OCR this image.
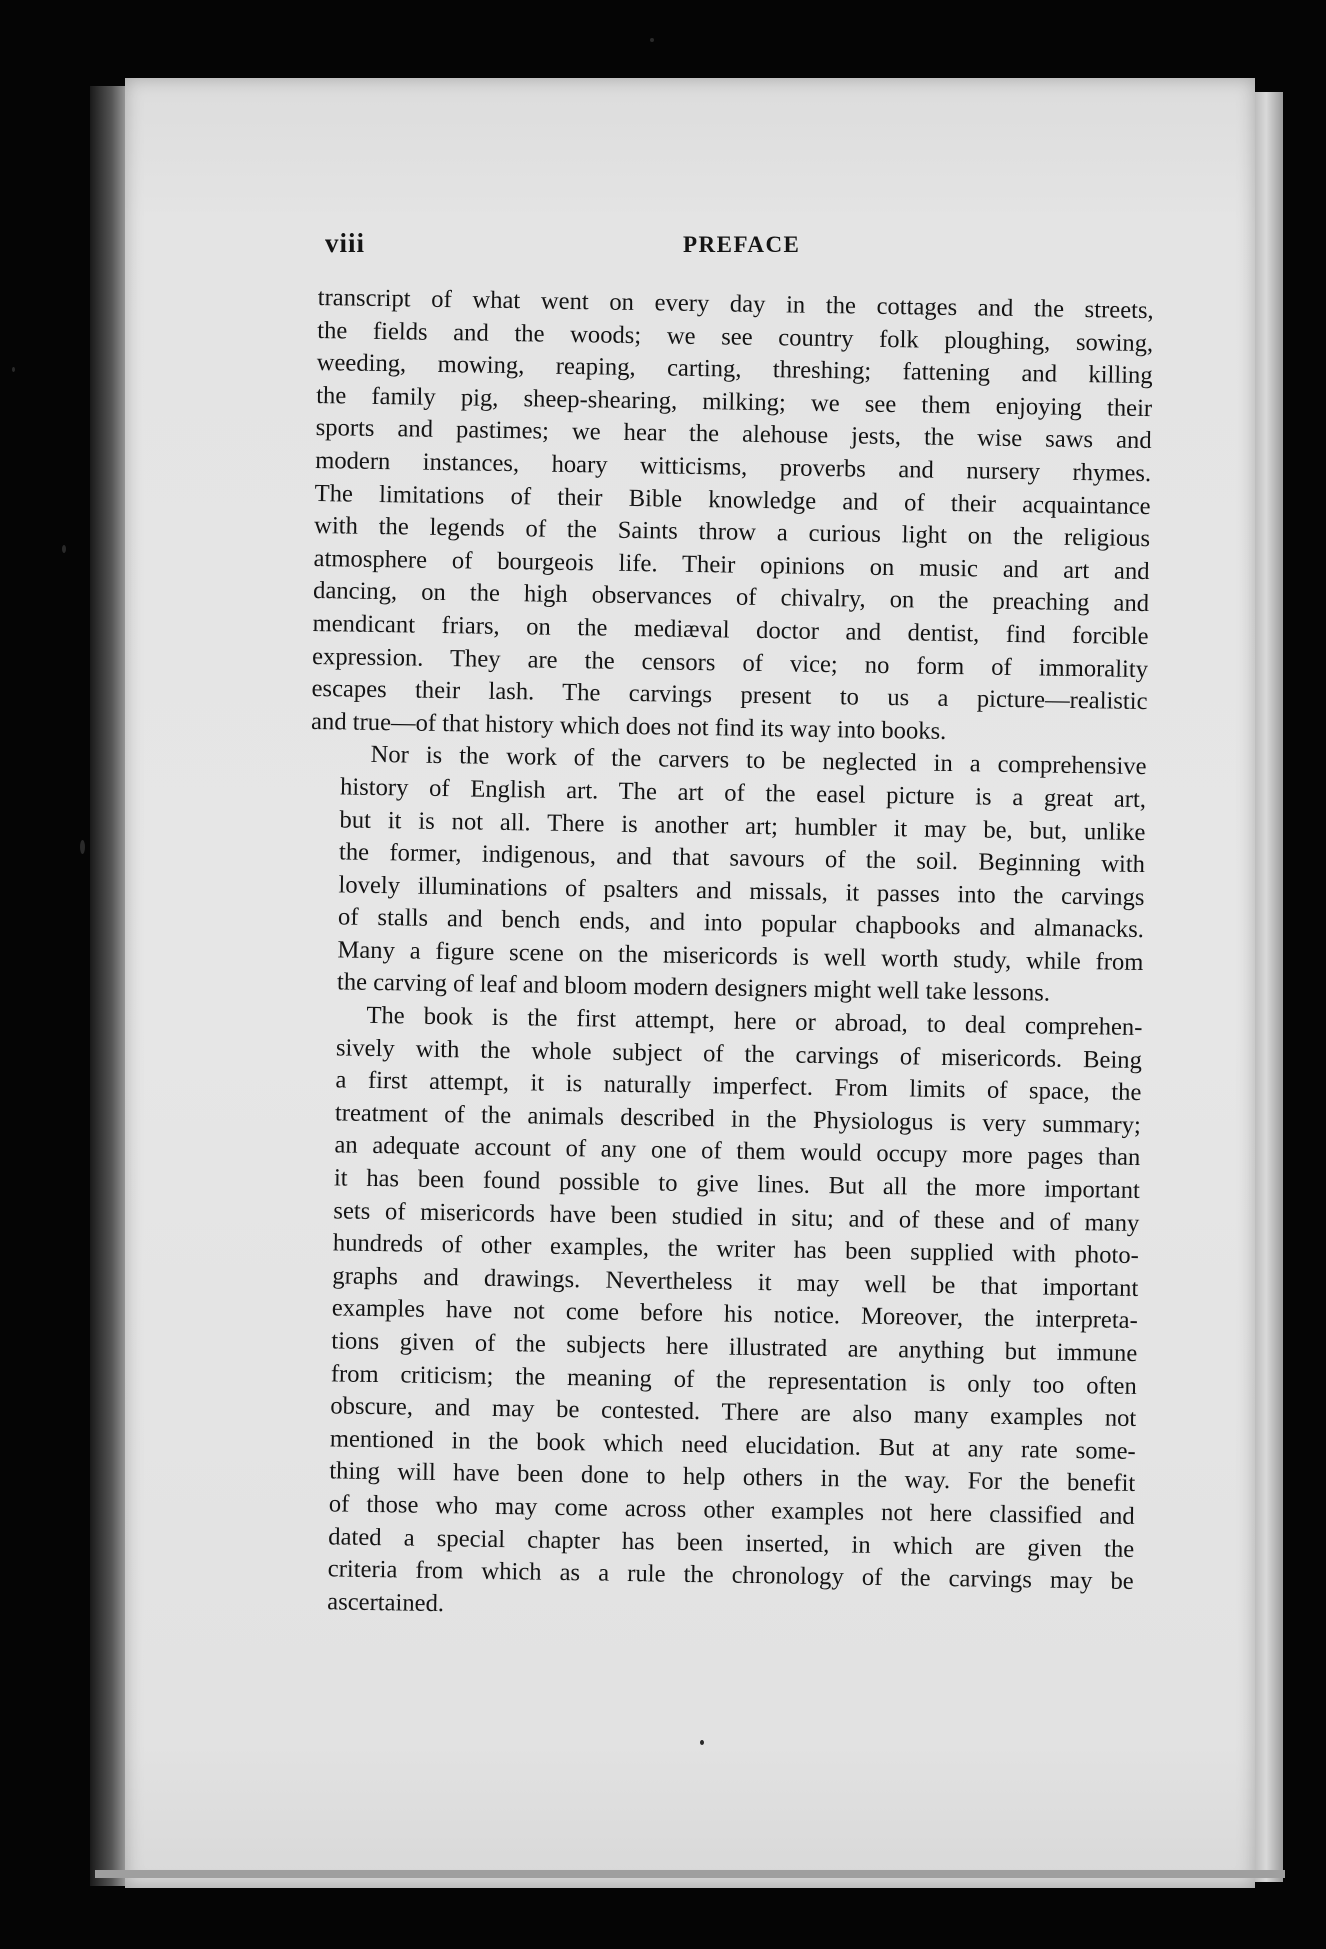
viii	PREFACE

transcript of what went on every day in the cottages and the streets,
the fields and the woods; we see country folk ploughing, sowing,
weeding, mowing, reaping, carting, threshing; fattening and killing
the family pig, sheep-shearing, milking; we see them enjoying their
sports and pastimes; we hear the alehouse jests, the wise saws and
modern instances, hoary witticisms, proverbs and nursery rhymes.
The limitations of their Bible knowledge and of their acquaintance
with the legends of the Saints throw a curious light on the religious
atmosphere of bourgeois life. Their opinions on music and art and
dancing, on the high observances of chivalry, on the preaching and
mendicant friars, on the mediæval doctor and dentist, find forcible
expression. They are the censors of vice; no form of immorality
escapes their lash. The carvings present to us a picture—realistic
and true—of that history which does not find its way into books.

Nor is the work of the carvers to be neglected in a comprehensive
history of English art. The art of the easel picture is a great art,
but it is not all. There is another art; humbler it may be, but, unlike
the former, indigenous, and that savours of the soil. Beginning with
lovely illuminations of psalters and missals, it passes into the carvings
of stalls and bench ends, and into popular chapbooks and almanacks.
Many a figure scene on the misericords is well worth study, while from
the carving of leaf and bloom modern designers might well take lessons.

The book is the first attempt, here or abroad, to deal comprehen-
sively with the whole subject of the carvings of misericords. Being
a first attempt, it is naturally imperfect. From limits of space, the
treatment of the animals described in the Physiologus is very summary;
an adequate account of any one of them would occupy more pages than
it has been found possible to give lines. But all the more important
sets of misericords have been studied in situ; and of these and of many
hundreds of other examples, the writer has been supplied with photo-
graphs and drawings. Nevertheless it may well be that important
examples have not come before his notice. Moreover, the interpreta-
tions given of the subjects here illustrated are anything but immune
from criticism; the meaning of the representation is only too often
obscure, and may be contested. There are also many examples not
mentioned in the book which need elucidation. But at any rate some-
thing will have been done to help others in the way. For the benefit
of those who may come across other examples not here classified and
dated a special chapter has been inserted, in which are given the
criteria from which as a rule the chronology of the carvings may be
ascertained.
